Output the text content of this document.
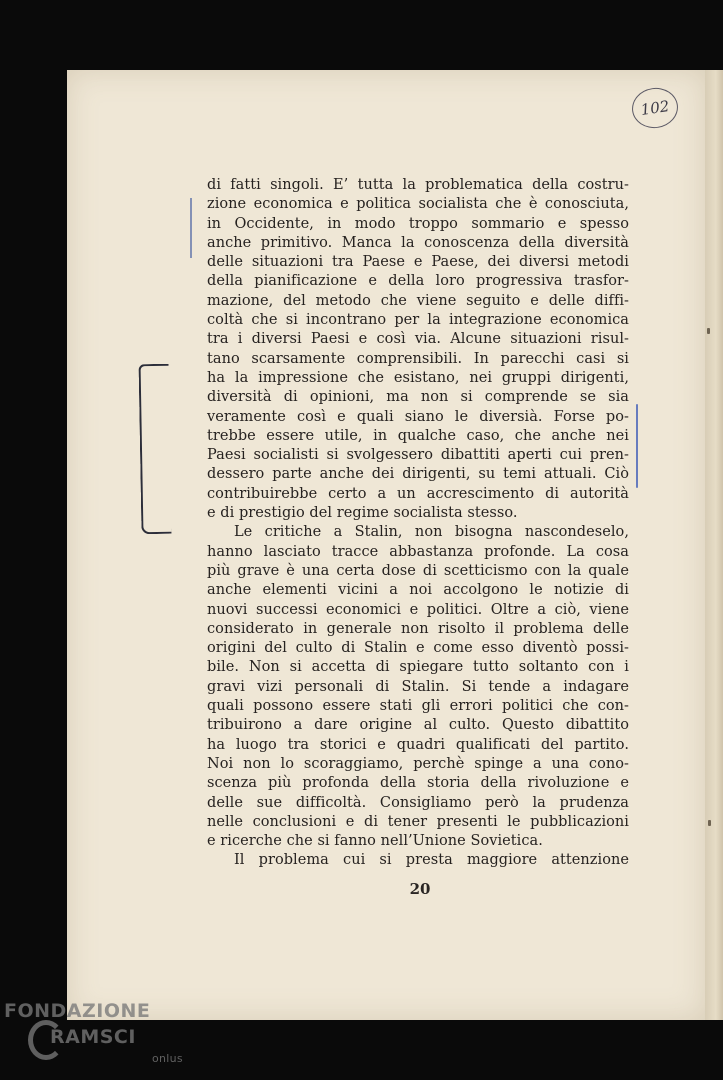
102
di fatti singoli. E’ tutta la problematica della costru-
zione economica e politica socialista che è conosciuta,
in Occidente, in modo troppo sommario e spesso
anche primitivo. Manca la conoscenza della diversità
delle situazioni tra Paese e Paese, dei diversi metodi
della pianificazione e della loro progressiva trasfor-
mazione, del metodo che viene seguito e delle diffi-
coltà che si incontrano per la integrazione economica
tra i diversi Paesi e così via. Alcune situazioni risul-
tano scarsamente comprensibili. In parecchi casi si
ha la impressione che esistano, nei gruppi dirigenti,
diversità di opinioni, ma non si comprende se sia
veramente così e quali siano le diversià. Forse po-
trebbe essere utile, in qualche caso, che anche nei
Paesi socialisti si svolgessero dibattiti aperti cui pren-
dessero parte anche dei dirigenti, su temi attuali. Ciò
contribuirebbe certo a un accrescimento di autorità
e di prestigio del regime socialista stesso.
Le critiche a Stalin, non bisogna nascondeselo,
hanno lasciato tracce abbastanza profonde. La cosa
più grave è una certa dose di scetticismo con la quale
anche elementi vicini a noi accolgono le notizie di
nuovi successi economici e politici. Oltre a ciò, viene
considerato in generale non risolto il problema delle
origini del culto di Stalin e come esso diventò possi-
bile. Non si accetta di spiegare tutto soltanto con i
gravi vizi personali di Stalin. Si tende a indagare
quali possono essere stati gli errori politici che con-
tribuirono a dare origine al culto. Questo dibattito
ha luogo tra storici e quadri qualificati del partito.
Noi non lo scoraggiamo, perchè spinge a una cono-
scenza più profonda della storia della rivoluzione e
delle sue difficoltà. Consigliamo però la prudenza
nelle conclusioni e di tener presenti le pubblicazioni
e ricerche che si fanno nell’Unione Sovietica.
Il problema cui si presta maggiore attenzione
20
FONDAZIONE
RAMSCI
onlus
